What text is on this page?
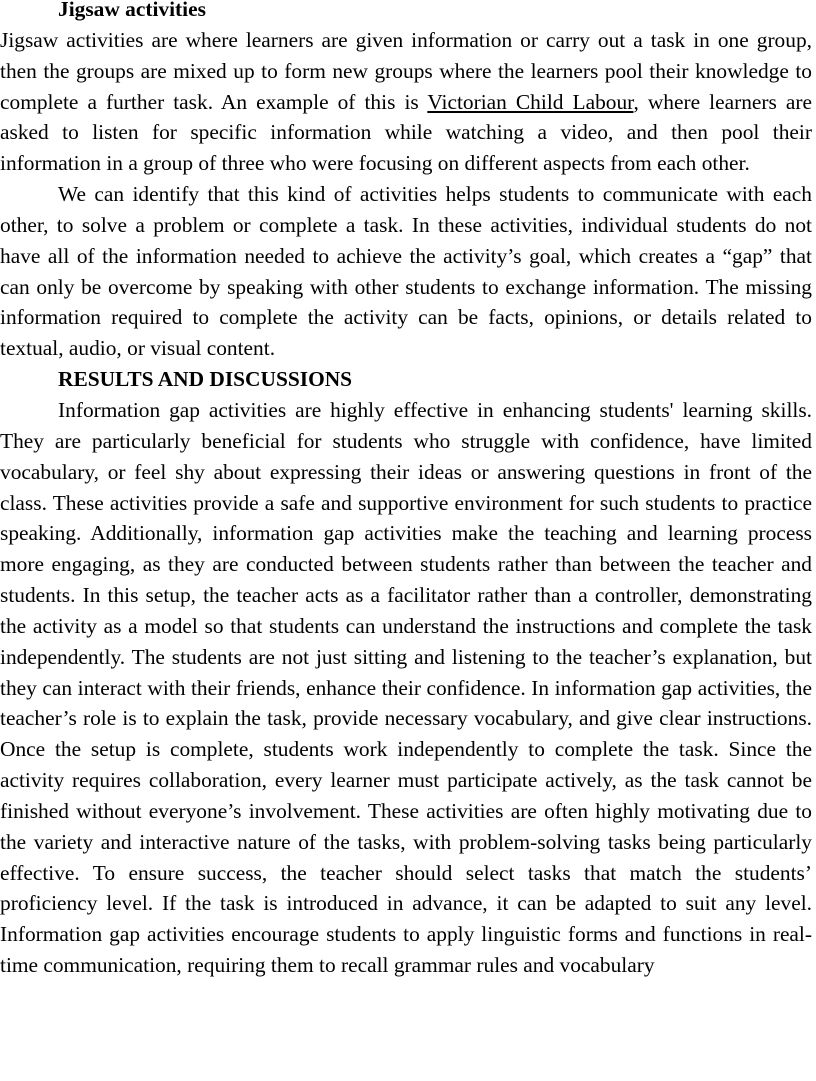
Jigsaw activities

Jigsaw activities are where learners are given information or carry out a task in one group, then the groups are mixed up to form new groups where the learners pool their knowledge to complete a further task. An example of this is Victorian Child Labour, where learners are asked to listen for specific information while watching a video, and then pool their information in a group of three who were focusing on different aspects from each other.

We can identify that this kind of activities helps students to communicate with each other, to solve a problem or complete a task. In these activities, individual students do not have all of the information needed to achieve the activity’s goal, which creates a “gap” that can only be overcome by speaking with other students to exchange information. The missing information required to complete the activity can be facts, opinions, or details related to textual, audio, or visual content.

RESULTS AND DISCUSSIONS

Information gap activities are highly effective in enhancing students' learning skills. They are particularly beneficial for students who struggle with confidence, have limited vocabulary, or feel shy about expressing their ideas or answering questions in front of the class. These activities provide a safe and supportive environment for such students to practice speaking. Additionally, information gap activities make the teaching and learning process more engaging, as they are conducted between students rather than between the teacher and students. In this setup, the teacher acts as a facilitator rather than a controller, demonstrating the activity as a model so that students can understand the instructions and complete the task independently. The students are not just sitting and listening to the teacher’s explanation, but they can interact with their friends, enhance their confidence. In information gap activities, the teacher’s role is to explain the task, provide necessary vocabulary, and give clear instructions. Once the setup is complete, students work independently to complete the task. Since the activity requires collaboration, every learner must participate actively, as the task cannot be finished without everyone’s involvement. These activities are often highly motivating due to the variety and interactive nature of the tasks, with problem-solving tasks being particularly effective. To ensure success, the teacher should select tasks that match the students’ proficiency level. If the task is introduced in advance, it can be adapted to suit any level. Information gap activities encourage students to apply linguistic forms and functions in real-time communication, requiring them to recall grammar rules and vocabulary
